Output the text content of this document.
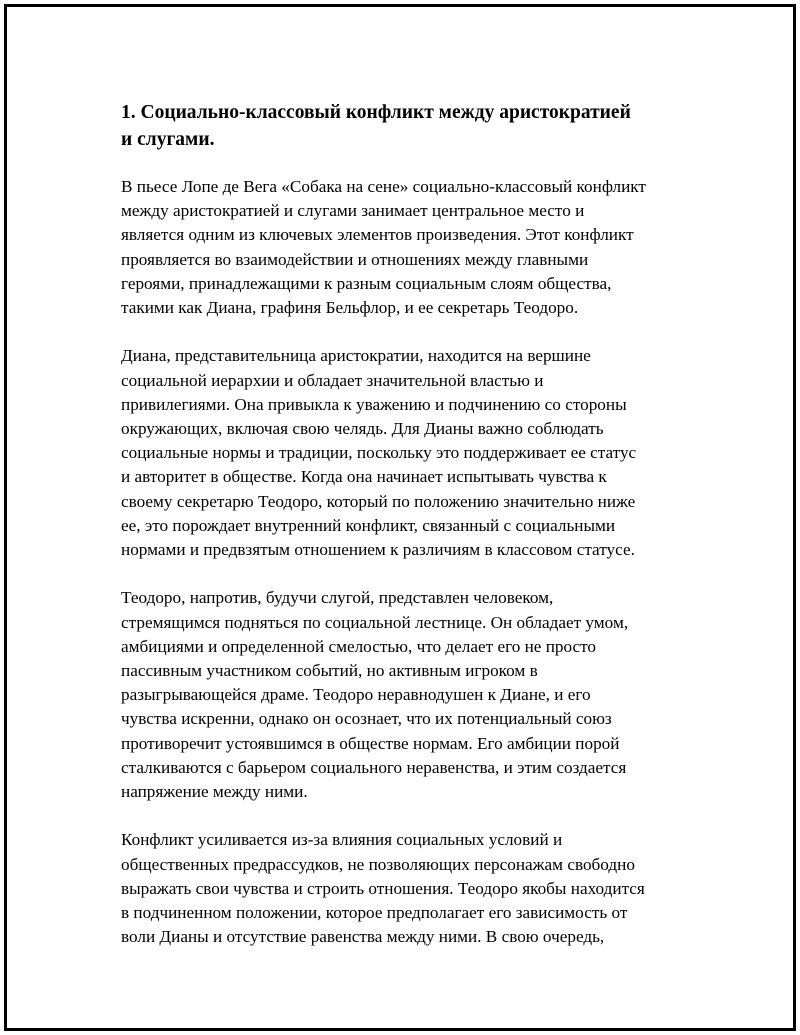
1. Социально-классовый конфликт между аристократией
и слугами.

В пьесе Лопе де Вега «Собака на сене» социально-классовый конфликт
между аристократией и слугами занимает центральное место и
является одним из ключевых элементов произведения. Этот конфликт
проявляется во взаимодействии и отношениях между главными
героями, принадлежащими к разным социальным слоям общества,
такими как Диана, графиня Бельфлор, и ее секретарь Теодоро.

Диана, представительница аристократии, находится на вершине
социальной иерархии и обладает значительной властью и
привилегиями. Она привыкла к уважению и подчинению со стороны
окружающих, включая свою челядь. Для Дианы важно соблюдать
социальные нормы и традиции, поскольку это поддерживает ее статус
и авторитет в обществе. Когда она начинает испытывать чувства к
своему секретарю Теодоро, который по положению значительно ниже
ее, это порождает внутренний конфликт, связанный с социальными
нормами и предвзятым отношением к различиям в классовом статусе.

Теодоро, напротив, будучи слугой, представлен человеком,
стремящимся подняться по социальной лестнице. Он обладает умом,
амбициями и определенной смелостью, что делает его не просто
пассивным участником событий, но активным игроком в
разыгрывающейся драме. Теодоро неравнодушен к Диане, и его
чувства искренни, однако он осознает, что их потенциальный союз
противоречит устоявшимся в обществе нормам. Его амбиции порой
сталкиваются с барьером социального неравенства, и этим создается
напряжение между ними.

Конфликт усиливается из-за влияния социальных условий и
общественных предрассудков, не позволяющих персонажам свободно
выражать свои чувства и строить отношения. Теодоро якобы находится
в подчиненном положении, которое предполагает его зависимость от
воли Дианы и отсутствие равенства между ними. В свою очередь,
